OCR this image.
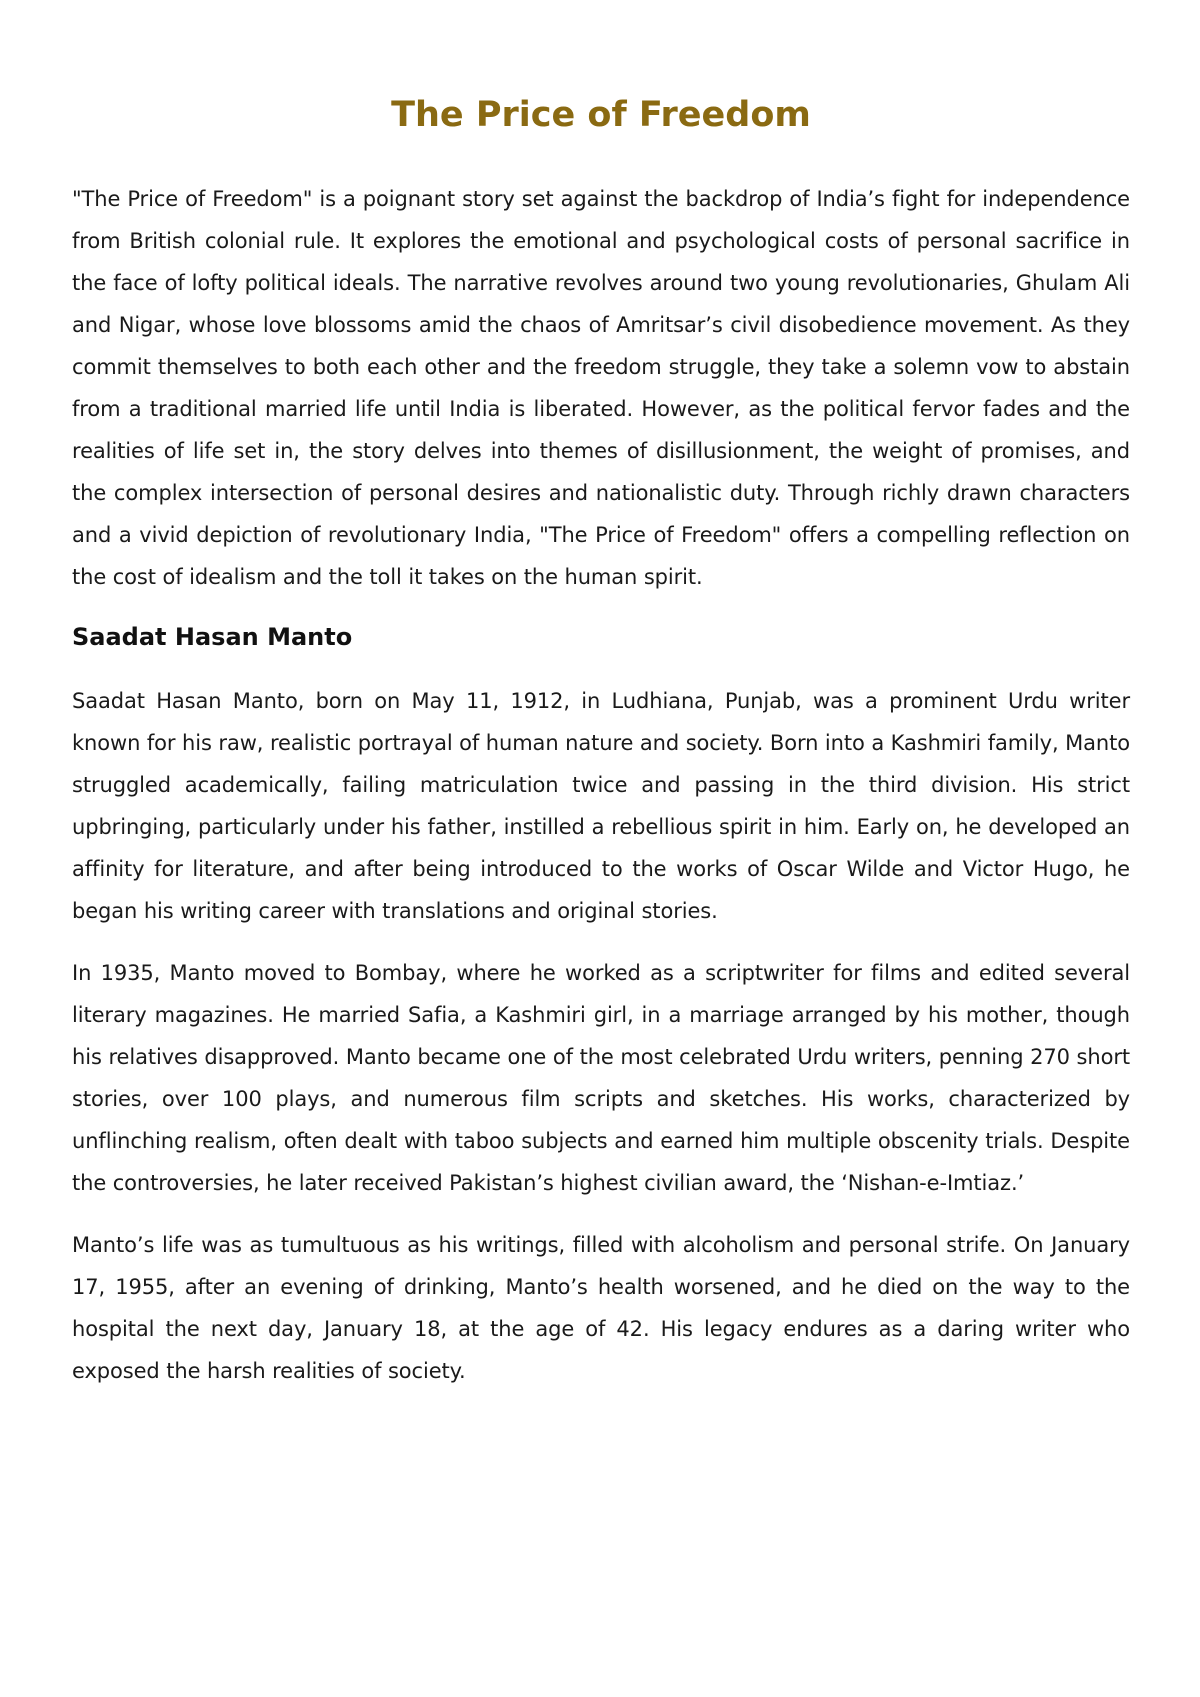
The Price of Freedom

"The Price of Freedom" is a poignant story set against the backdrop of India’s fight for independence from British colonial rule. It explores the emotional and psychological costs of personal sacrifice in the face of lofty political ideals. The narrative revolves around two young revolutionaries, Ghulam Ali and Nigar, whose love blossoms amid the chaos of Amritsar’s civil disobedience movement. As they commit themselves to both each other and the freedom struggle, they take a solemn vow to abstain from a traditional married life until India is liberated. However, as the political fervor fades and the realities of life set in, the story delves into themes of disillusionment, the weight of promises, and the complex intersection of personal desires and nationalistic duty. Through richly drawn characters and a vivid depiction of revolutionary India, "The Price of Freedom" offers a compelling reflection on the cost of idealism and the toll it takes on the human spirit.

Saadat Hasan Manto

Saadat Hasan Manto, born on May 11, 1912, in Ludhiana, Punjab, was a prominent Urdu writer known for his raw, realistic portrayal of human nature and society. Born into a Kashmiri family, Manto struggled academically, failing matriculation twice and passing in the third division. His strict upbringing, particularly under his father, instilled a rebellious spirit in him. Early on, he developed an affinity for literature, and after being introduced to the works of Oscar Wilde and Victor Hugo, he began his writing career with translations and original stories.

In 1935, Manto moved to Bombay, where he worked as a scriptwriter for films and edited several literary magazines. He married Safia, a Kashmiri girl, in a marriage arranged by his mother, though his relatives disapproved. Manto became one of the most celebrated Urdu writers, penning 270 short stories, over 100 plays, and numerous film scripts and sketches. His works, characterized by unflinching realism, often dealt with taboo subjects and earned him multiple obscenity trials. Despite the controversies, he later received Pakistan’s highest civilian award, the ‘Nishan-e-Imtiaz.’

Manto’s life was as tumultuous as his writings, filled with alcoholism and personal strife. On January 17, 1955, after an evening of drinking, Manto’s health worsened, and he died on the way to the hospital the next day, January 18, at the age of 42. His legacy endures as a daring writer who exposed the harsh realities of society.
